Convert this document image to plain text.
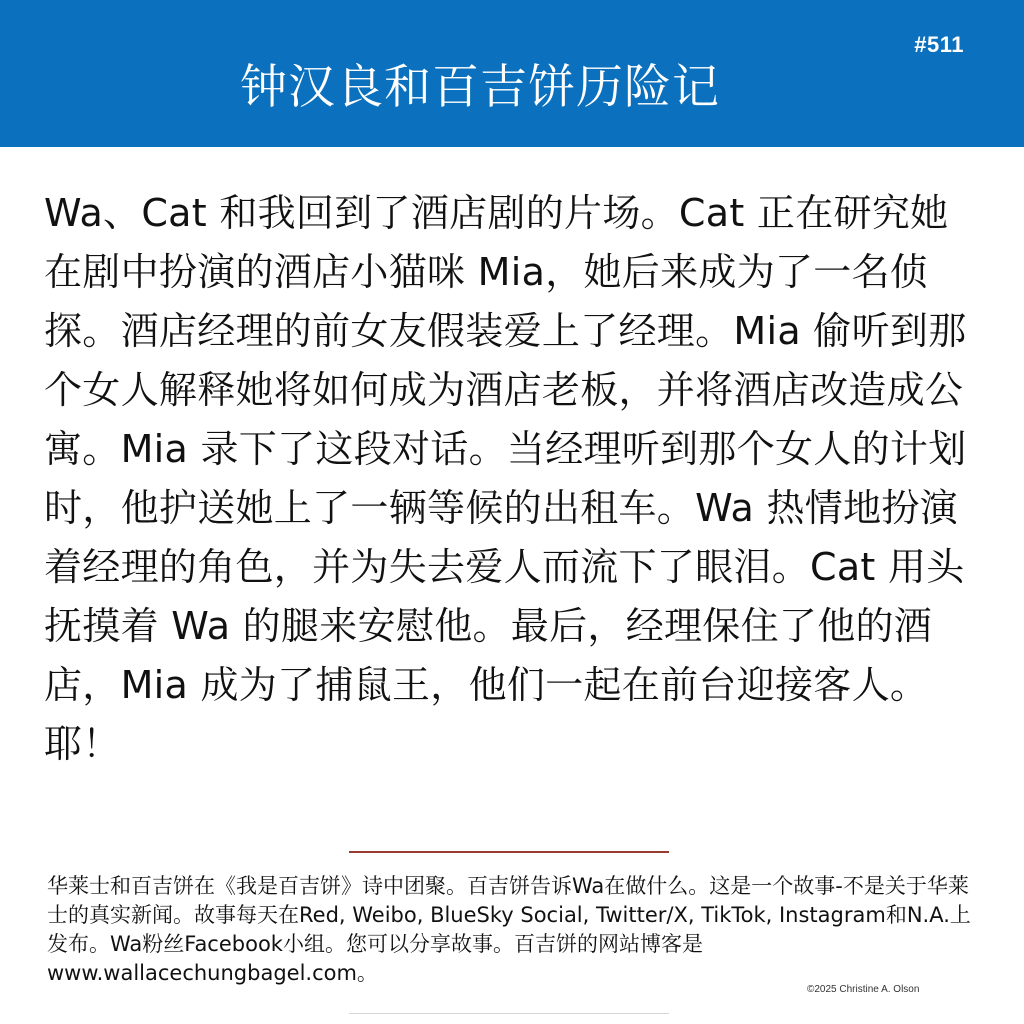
#511
钟汉良和百吉饼历险记

Wa、Cat 和我回到了酒店剧的片场。Cat 正在研究她在剧中扮演的酒店小猫咪 Mia，她后来成为了一名侦探。酒店经理的前女友假装爱上了经理。Mia 偷听到那个女人解释她将如何成为酒店老板，并将酒店改造成公寓。Mia 录下了这段对话。当经理听到那个女人的计划时，他护送她上了一辆等候的出租车。Wa 热情地扮演着经理的角色，并为失去爱人而流下了眼泪。Cat 用头抚摸着 Wa 的腿来安慰他。最后，经理保住了他的酒店，Mia 成为了捕鼠王，他们一起在前台迎接客人。耶！

华莱士和百吉饼在《我是百吉饼》诗中团聚。百吉饼告诉Wa在做什么。这是一个故事-不是关于华莱士的真实新闻。故事每天在Red, Weibo, BlueSky Social, Twitter/X, TikTok, Instagram和N.A.上发布。Wa粉丝Facebook小组。您可以分享故事。百吉饼的网站博客是www.wallacechungbagel.com。

©2025 Christine A. Olson
